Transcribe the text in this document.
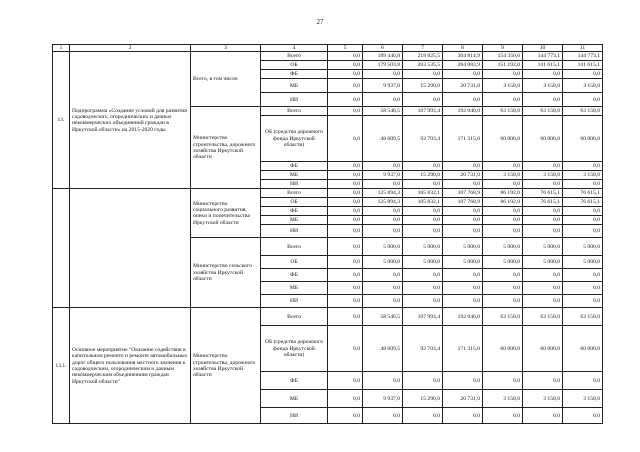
27
1	2	3	4	5	6	7	8	9	10	11
13.	Подпрограмма «Создание условий для развития садоводческих, огороднических и дачных некоммерческих объединений граждан в Иркутской области» на 2015-2020 годы	Всего, в том числе:	Всего	0,0	189 440,8	218 825,5	304 814,9	154 350,0	144 773,1	144 773,1
			ОБ	0,0	179 503,8	203 535,5	284 083,9	151 192,0	141 615,1	141 615,1
			ФБ	0,0	0,0	0,0	0,0	0,0	0,0	0,0
			МБ	0,0	9 937,0	15 290,0	20 731,0	3 158,0	3 158,0	3 158,0
			ИИ	0,0	0,0	0,0	0,0	0,0	0,0	0,0
		Министерство строительства, дорожного хозяйства Иркутской области	Всего	0,0	58 546,5	107 993,4	192 046,0	63 158,0	63 158,0	63 158,0
			ОБ (средства дорожного фонда Иркутской области)	0,0	48 609,5	92 703,4	171 315,0	60 000,0	60 000,0	60 000,0
			ФБ	0,0	0,0	0,0	0,0	0,0	0,0	0,0
			МБ	0,0	9 937,0	15 290,0	20 731,0	3 158,0	3 158,0	3 158,0
			ИИ	0,0	0,0	0,0	0,0	0,0	0,0	0,0
		Министерство социального развития, опеки и попечительства Иркутской области	Всего	0,0	125 894,3	105 832,1	107 768,9	86 192,0	76 615,1	76 615,1
			ОБ	0,0	125 894,3	105 832,1	107 768,9	86 192,0	76 615,1	76 615,1
			ФБ	0,0	0,0	0,0	0,0	0,0	0,0	0,0
			МБ	0,0	0,0	0,0	0,0	0,0	0,0	0,0
			ИИ	0,0	0,0	0,0	0,0	0,0	0,0	0,0
		Министерство сельского хозяйства Иркутской области	Всего	0,0	5 000,0	5 000,0	5 000,0	5 000,0	5 000,0	5 000,0
			ОБ	0,0	5 000,0	5 000,0	5 000,0	5 000,0	5 000,0	5 000,0
			ФБ	0,0	0,0	0,0	0,0	0,0	0,0	0,0
			МБ	0,0	0,0	0,0	0,0	0,0	0,0	0,0
			ИИ	0,0	0,0	0,0	0,0	0,0	0,0	0,0
13.1.	Основное мероприятие "Оказание содействия в капитальном ремонте и ремонте автомобильных дорог общего пользования местного значения к садоводческим, огородническим и дачным некоммерческим объединениям граждан Иркутской области"	Министерство строительства, дорожного хозяйства Иркутской области	Всего	0,0	58 546,5	107 993,4	192 046,0	63 158,0	63 158,0	63 158,0
			ОБ (средства дорожного фонда Иркутской области)	0,0	48 609,5	92 703,4	171 315,0	60 000,0	60 000,0	60 000,0
			ФБ	0,0	0,0	0,0	0,0	0,0	0,0	0,0
			МБ	0,0	9 937,0	15 290,0	20 731,0	3 158,0	3 158,0	3 158,0
			ИИ	0,0	0,0	0,0	0,0	0,0	0,0	0,0
